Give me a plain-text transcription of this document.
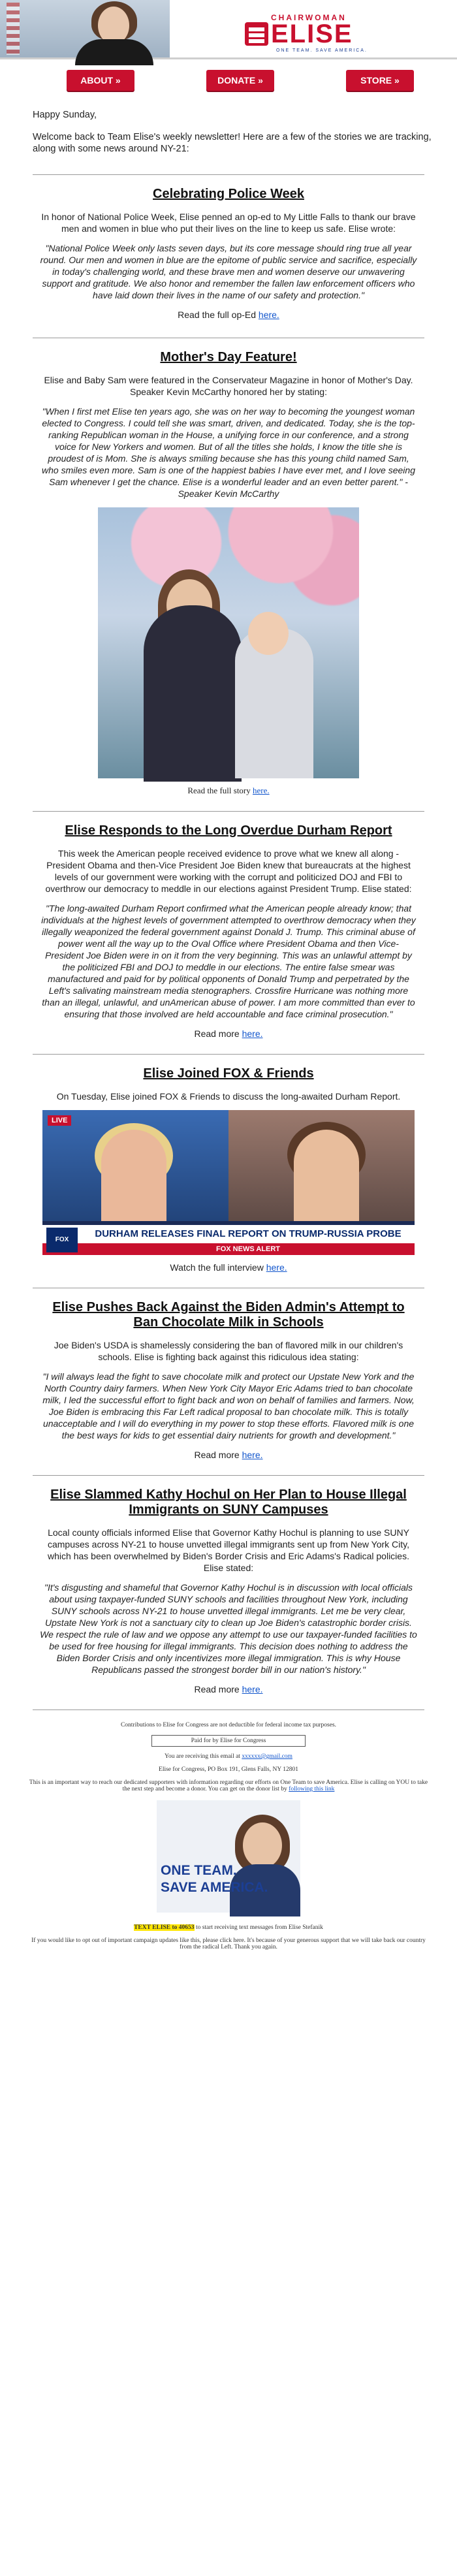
CHAIRWOMAN
ELISE
ONE TEAM. SAVE AMERICA.
ABOUT »	DONATE »	STORE »

Happy Sunday,

Welcome back to Team Elise's weekly newsletter! Here are a few of the stories we are tracking, along with some news around NY-21:

Celebrating Police Week

In honor of National Police Week, Elise penned an op-ed to My Little Falls to thank our brave men and women in blue who put their lives on the line to keep us safe. Elise wrote:

"National Police Week only lasts seven days, but its core message should ring true all year round. Our men and women in blue are the epitome of public service and sacrifice, especially in today's challenging world, and these brave men and women deserve our unwavering support and gratitude. We also honor and remember the fallen law enforcement officers who have laid down their lives in the name of our safety and protection."

Read the full op-Ed here.

Mother's Day Feature!

Elise and Baby Sam were featured in the Conservateur Magazine in honor of Mother's Day. Speaker Kevin McCarthy honored her by stating:

"When I first met Elise ten years ago, she was on her way to becoming the youngest woman elected to Congress. I could tell she was smart, driven, and dedicated. Today, she is the top-ranking Republican woman in the House, a unifying force in our conference, and a strong voice for New Yorkers and women. But of all the titles she holds, I know the title she is proudest of is Mom. She is always smiling because she has this young child named Sam, who smiles even more. Sam is one of the happiest babies I have ever met, and I love seeing Sam whenever I get the chance. Elise is a wonderful leader and an even better parent." - Speaker Kevin McCarthy

Read the full story here.

Elise Responds to the Long Overdue Durham Report

This week the American people received evidence to prove what we knew all along - President Obama and then-Vice President Joe Biden knew that bureaucrats at the highest levels of our government were working with the corrupt and politicized DOJ and FBI to overthrow our democracy to meddle in our elections against President Trump. Elise stated:

"The long-awaited Durham Report confirmed what the American people already know; that individuals at the highest levels of government attempted to overthrow democracy when they illegally weaponized the federal government against Donald J. Trump. This criminal abuse of power went all the way up to the Oval Office where President Obama and then Vice-President Joe Biden were in on it from the very beginning. This was an unlawful attempt by the politicized FBI and DOJ to meddle in our elections. The entire false smear was manufactured and paid for by political opponents of Donald Trump and perpetrated by the Left's salivating mainstream media stenographers. Crossfire Hurricane was nothing more than an illegal, unlawful, and unAmerican abuse of power. I am more committed than ever to ensuring that those involved are held accountable and face criminal prosecution."

Read more here.

Elise Joined FOX & Friends

On Tuesday, Elise joined FOX & Friends to discuss the long-awaited Durham Report.

LIVE
DURHAM RELEASES FINAL REPORT ON TRUMP-RUSSIA PROBE
FOX NEWS ALERT
FOX NEWS	Watch the full interview here.

Elise Pushes Back Against the Biden Admin's Attempt to Ban Chocolate Milk in Schools

Joe Biden's USDA is shamelessly considering the ban of flavored milk in our children's schools. Elise is fighting back against this ridiculous idea stating:

"I will always lead the fight to save chocolate milk and protect our Upstate New York and the North Country dairy farmers. When New York City Mayor Eric Adams tried to ban chocolate milk, I led the successful effort to fight back and won on behalf of families and farmers. Now, Joe Biden is embracing this Far Left radical proposal to ban chocolate milk. This is totally unacceptable and I will do everything in my power to stop these efforts. Flavored milk is one the best ways for kids to get essential dairy nutrients for growth and development."

Read more here.

Elise Slammed Kathy Hochul on Her Plan to House Illegal Immigrants on SUNY Campuses

Local county officials informed Elise that Governor Kathy Hochul is planning to use SUNY campuses across NY-21 to house unvetted illegal immigrants sent up from New York City, which has been overwhelmed by Biden's Border Crisis and Eric Adams's Radical policies. Elise stated:

"It's disgusting and shameful that Governor Kathy Hochul is in discussion with local officials about using taxpayer-funded SUNY schools and facilities throughout New York, including SUNY schools across NY-21 to house unvetted illegal immigrants. Let me be very clear, Upstate New York is not a sanctuary city to clean up Joe Biden's catastrophic border crisis. We respect the rule of law and we oppose any attempt to use our taxpayer-funded facilities to be used for free housing for illegal immigrants. This decision does nothing to address the Biden Border Crisis and only incentivizes more illegal immigration. This is why House Republicans passed the strongest border bill in our nation's history."

Read more here.

Contributions to Elise for Congress are not deductible for federal income tax purposes.

Paid for by Elise for Congress

You are receiving this email at xxxxxx@gmail.com

Elise for Congress, PO Box 191, Glens Falls, NY 12801

This is an important way to reach our dedicated supporters with information regarding our efforts on One Team to save America. Elise is calling on YOU to take the next step and become a donor. You can get on the donor list by following this link

ONE TEAM.
SAVE AMERICA.

TEXT ELISE to 40653 to start receiving text messages from Elise Stefanik

If you would like to opt out of important campaign updates like this, please click here. It's because of your generous support that we will take back our country from the radical Left. Thank you again.
